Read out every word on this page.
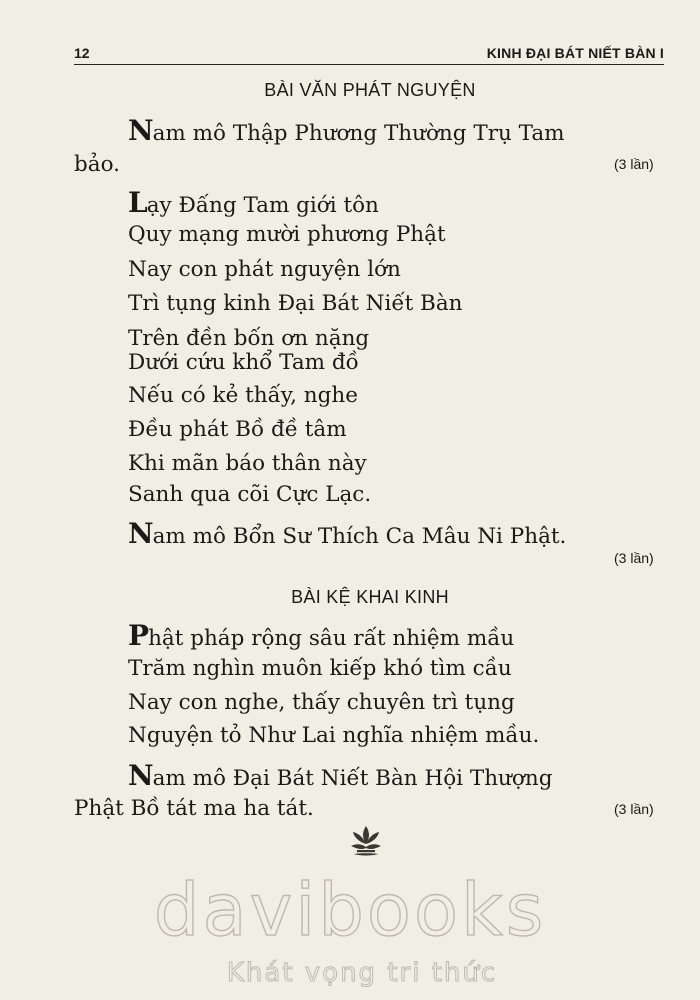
12	KINH ĐẠI BÁT NIẾT BÀN I
BÀI VĂN PHÁT NGUYỆN
Nam mô Thập Phương Thường Trụ Tam
bảo.	(3 lần)
Lạy Đấng Tam giới tôn
Quy mạng mười phương Phật
Nay con phát nguyện lớn
Trì tụng kinh Đại Bát Niết Bàn
Trên đền bốn ơn nặng
Dưới cứu khổ Tam đồ
Nếu có kẻ thấy, nghe
Đều phát Bồ đề tâm
Khi mãn báo thân này
Sanh qua cõi Cực Lạc.
Nam mô Bổn Sư Thích Ca Mâu Ni Phật.
(3 lần)
BÀI KỆ KHAI KINH
Phật pháp rộng sâu rất nhiệm mầu
Trăm nghìn muôn kiếp khó tìm cầu
Nay con nghe, thấy chuyên trì tụng
Nguyện tỏ Như Lai nghĩa nhiệm mầu.
Nam mô Đại Bát Niết Bàn Hội Thượng
Phật Bồ tát ma ha tát.	(3 lần)
davibooks
Khát vọng tri thức
